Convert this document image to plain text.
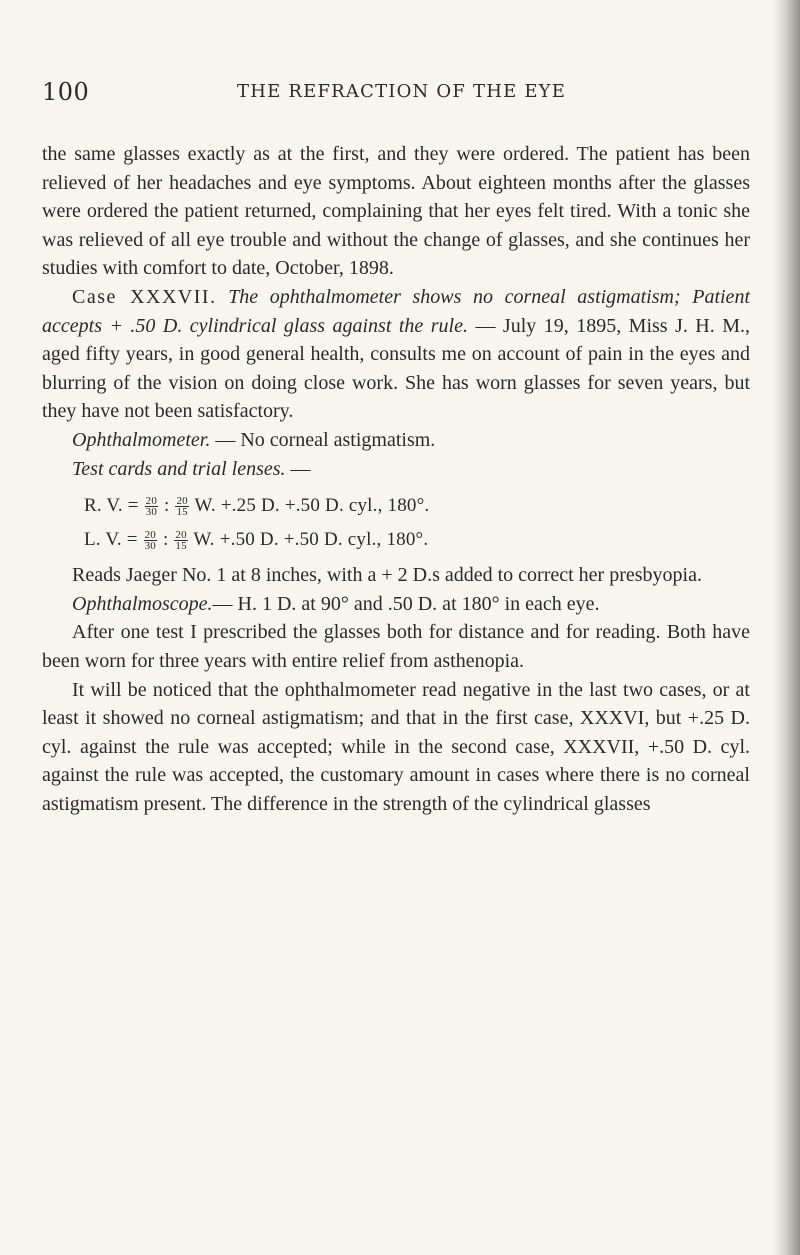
100	THE REFRACTION OF THE EYE

the same glasses exactly as at the first, and they were ordered. The patient has been relieved of her headaches and eye symptoms. About eighteen months after the glasses were ordered the patient returned, complaining that her eyes felt tired. With a tonic she was relieved of all eye trouble and without the change of glasses, and she continues her studies with comfort to date, October, 1898.

Case XXXVII. The ophthalmometer shows no corneal astigmatism; Patient accepts + .50 D. cylindrical glass against the rule. — July 19, 1895, Miss J. H. M., aged fifty years, in good general health, consults me on account of pain in the eyes and blurring of the vision on doing close work. She has worn glasses for seven years, but they have not been satisfactory.

Ophthalmometer. — No corneal astigmatism.

Test cards and trial lenses. —

R. V. = $\frac{20}{30}$ : $\frac{20}{15} W$. +.25 D. +.50 D. cyl., 180°.
L. V. = $\frac{20}{30}$ : $\frac{20}{15} W$. +.50 D. +.50 D. cyl., 180°.

Reads Jaeger No. 1 at 8 inches, with a + 2 D.s added to correct her presbyopia.

Ophthalmoscope.— H. 1 D. at 90° and .50 D. at 180° in each eye.

After one test I prescribed the glasses both for distance and for reading. Both have been worn for three years with entire relief from asthenopia.

It will be noticed that the ophthalmometer read negative in the last two cases, or at least it showed no corneal astigmatism; and that in the first case, XXXVI, but +.25 D. cyl. against the rule was accepted; while in the second case, XXXVII, +.50 D. cyl. against the rule was accepted, the customary amount in cases where there is no corneal astigmatism present. The difference in the strength of the cylindrical glasses
